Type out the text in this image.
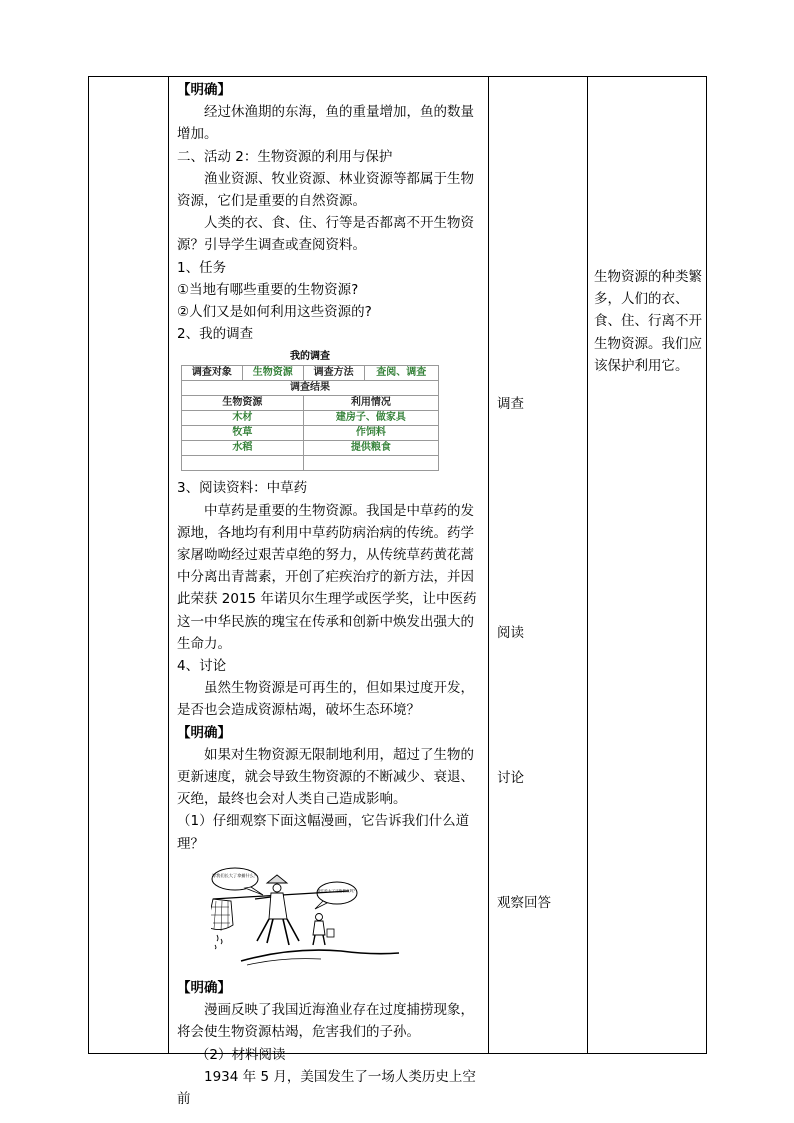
【明确】

经过休渔期的东海，鱼的重量增加，鱼的数量增加。

二、活动 2：生物资源的利用与保护

渔业资源、牧业资源、林业资源等都属于生物资源，它们是重要的自然资源。

人类的衣、食、住、行等是否都离不开生物资源？引导学生调查或查阅资料。

1、任务

①当地有哪些重要的生物资源?

②人们又是如何利用这些资源的?

2、我的调查

我的调查
调查对象	生物资源	调查方法	查阅、调查
调查结果			
生物资源		利用情况	
木材		建房子、做家具	
牧草		作饲料	
水稻		提供粮食	

3、阅读资料：中草药

中草药是重要的生物资源。我国是中草药的发源地，各地均有利用中草药防病治病的传统。药学家屠呦呦经过艰苦卓绝的努力，从传统草药黄花蒿中分离出青蒿素，开创了疟疾治疗的新方法，并因此荣获 2015 年诺贝尔生理学或医学奖，让中医药这一中华民族的瑰宝在传承和创新中焕发出强大的生命力。

4、讨论

虽然生物资源是可再生的，但如果过度开发，是否也会造成资源枯竭，破坏生态环境？

【明确】

如果对生物资源无限制地利用，超过了生物的更新速度，就会导致生物资源的不断减少、衰退、灭绝，最终也会对人类自己造成影响。

（1）仔细观察下面这幅漫画，它告诉我们什么道理？

等我们长大了拿捕什么？
我们长大了还能捕鱼吗？

【明确】

漫画反映了我国近海渔业存在过度捕捞现象，将会使生物资源枯竭，危害我们的子孙。

（2）材料阅读

1934 年 5 月，美国发生了一场人类历史上空前

调查
阅读
讨论
观察回答
生物资源的种类繁多，人们的衣、食、住、行离不开生物资源。我们应该保护利用它。
